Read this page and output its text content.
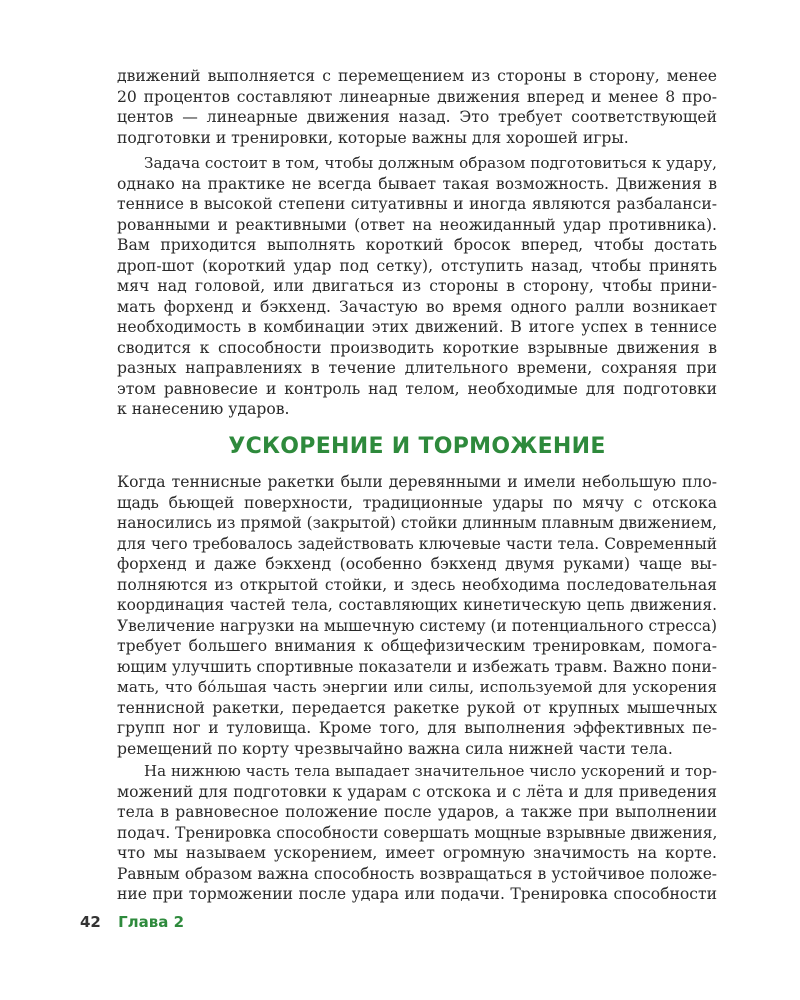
движений выполняется с перемещением из стороны в сторону, менее
20 процентов составляют линеарные движения вперед и менее 8 про-
центов — линеарные движения назад. Это требует соответствующей
подготовки и тренировки, которые важны для хорошей игры.
Задача состоит в том, чтобы должным образом подготовиться к удару,
однако на практике не всегда бывает такая возможность. Движения в
теннисе в высокой степени ситуативны и иногда являются разбаланси-
рованными и реактивными (ответ на неожиданный удар противника).
Вам приходится выполнять короткий бросок вперед, чтобы достать
дроп-шот (короткий удар под сетку), отступить назад, чтобы принять
мяч над головой, или двигаться из стороны в сторону, чтобы прини-
мать форхенд и бэкхенд. Зачастую во время одного ралли возникает
необходимость в комбинации этих движений. В итоге успех в теннисе
сводится к способности производить короткие взрывные движения в
разных направлениях в течение длительного времени, сохраняя при
этом равновесие и контроль над телом, необходимые для подготовки
к нанесению ударов.
УСКОРЕНИЕ И ТОРМОЖЕНИЕ
Когда теннисные ракетки были деревянными и имели небольшую пло-
щадь бьющей поверхности, традиционные удары по мячу с отскока
наносились из прямой (закрытой) стойки длинным плавным движением,
для чего требовалось задействовать ключевые части тела. Современный
форхенд и даже бэкхенд (особенно бэкхенд двумя руками) чаще вы-
полняются из открытой стойки, и здесь необходима последовательная
координация частей тела, составляющих кинетическую цепь движения.
Увеличение нагрузки на мышечную систему (и потенциального стресса)
требует большего внимания к общефизическим тренировкам, помога-
ющим улучшить спортивные показатели и избежать травм. Важно пони-
мать, что бóльшая часть энергии или силы, используемой для ускорения
теннисной ракетки, передается ракетке рукой от крупных мышечных
групп ног и туловища. Кроме того, для выполнения эффективных пе-
ремещений по корту чрезвычайно важна сила нижней части тела.
На нижнюю часть тела выпадает значительное число ускорений и тор-
можений для подготовки к ударам с отскока и с лёта и для приведения
тела в равновесное положение после ударов, а также при выполнении
подач. Тренировка способности совершать мощные взрывные движения,
что мы называем ускорением, имеет огромную значимость на корте.
Равным образом важна способность возвращаться в устойчивое положе-
ние при торможении после удара или подачи. Тренировка способности
42 Глава 2
